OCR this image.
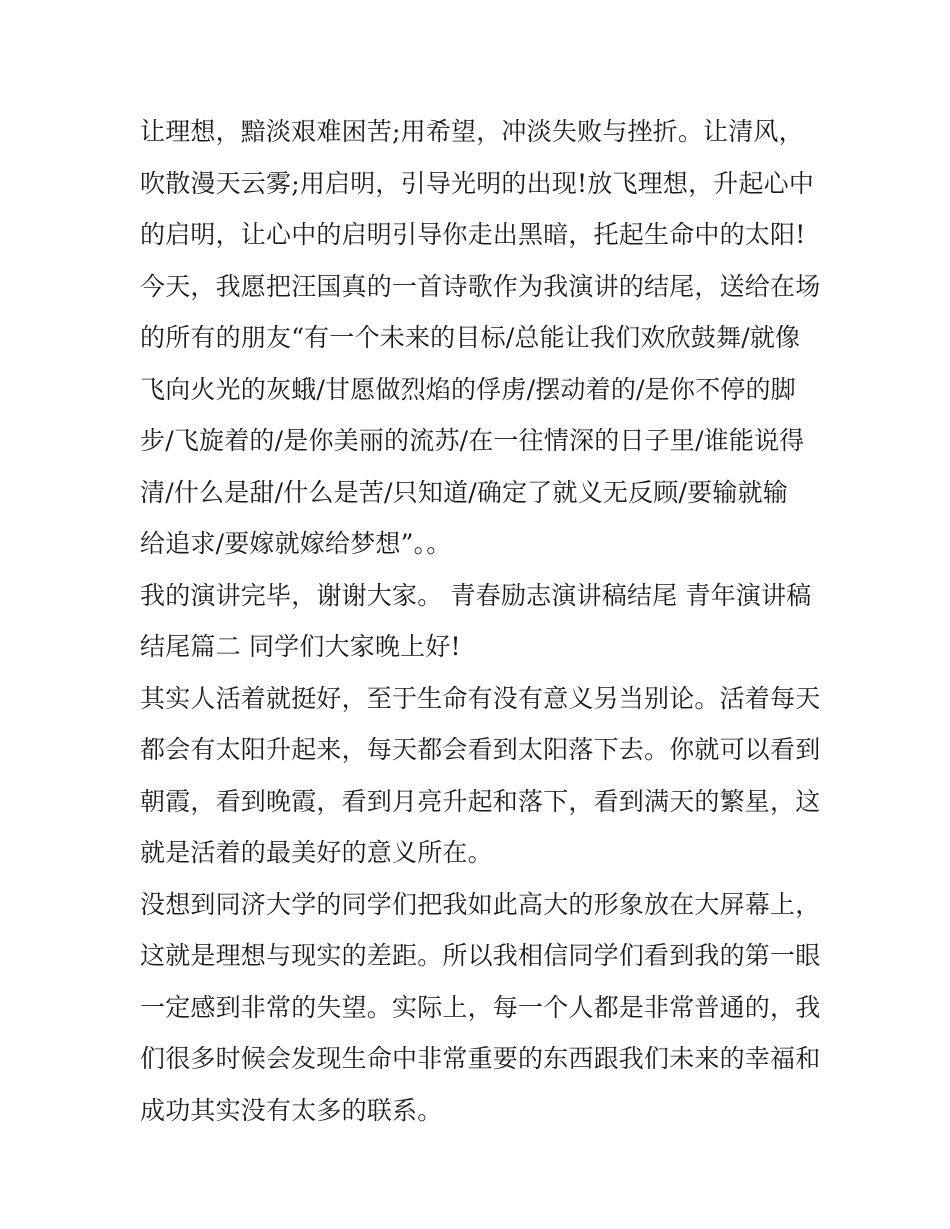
让理想，黯淡艰难困苦;用希望，冲淡失败与挫折。让清风，
吹散漫天云雾;用启明，引导光明的出现!放飞理想，升起心中
的启明，让心中的启明引导你走出黑暗，托起生命中的太阳!
今天，我愿把汪国真的一首诗歌作为我演讲的结尾，送给在场
的所有的朋友“有一个未来的目标/总能让我们欢欣鼓舞/就像
飞向火光的灰蛾/甘愿做烈焰的俘虏/摆动着的/是你不停的脚
步/飞旋着的/是你美丽的流苏/在一往情深的日子里/谁能说得
清/什么是甜/什么是苦/只知道/确定了就义无反顾/要输就输
给追求/要嫁就嫁给梦想”。。
我的演讲完毕，谢谢大家。 青春励志演讲稿结尾 青年演讲稿
结尾篇二 同学们大家晚上好!
其实人活着就挺好，至于生命有没有意义另当别论。活着每天
都会有太阳升起来，每天都会看到太阳落下去。你就可以看到
朝霞，看到晚霞，看到月亮升起和落下，看到满天的繁星，这
就是活着的最美好的意义所在。
没想到同济大学的同学们把我如此高大的形象放在大屏幕上，
这就是理想与现实的差距。所以我相信同学们看到我的第一眼
一定感到非常的失望。实际上，每一个人都是非常普通的，我
们很多时候会发现生命中非常重要的东西跟我们未来的幸福和
成功其实没有太多的联系。
